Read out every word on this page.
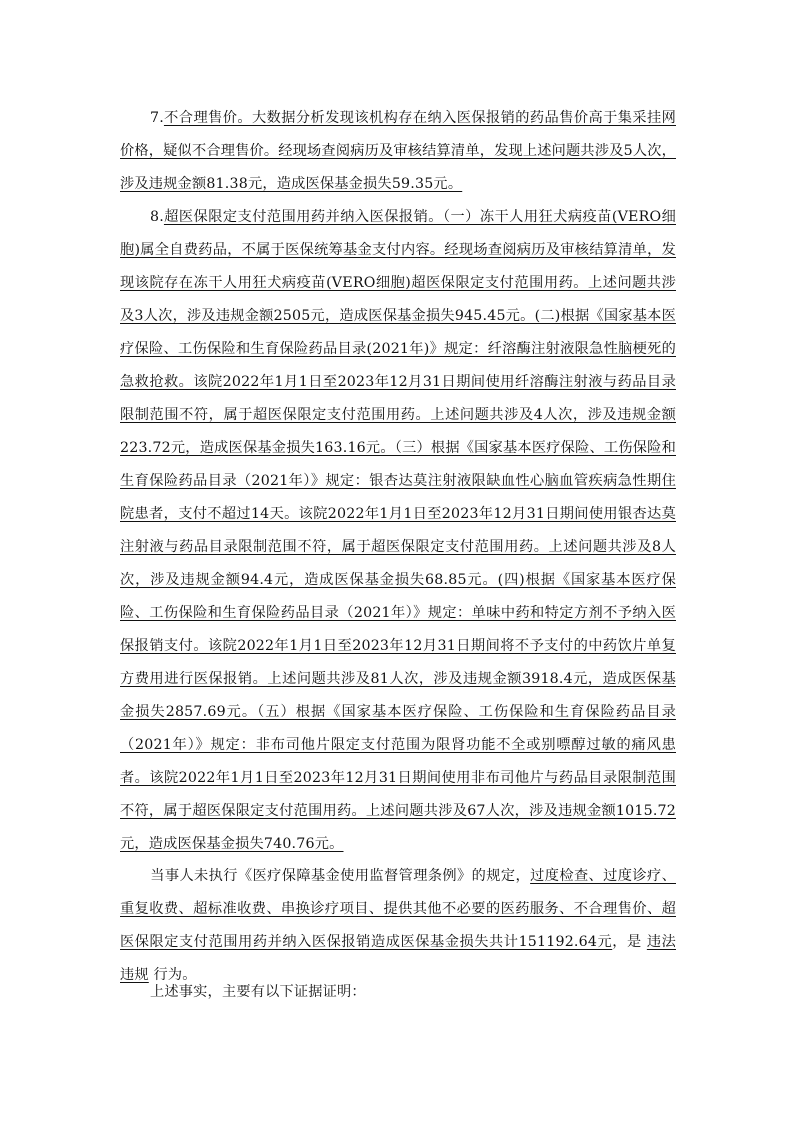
7.不合理售价。大数据分析发现该机构存在纳入医保报销的药品售价高于集采挂网价格，疑似不合理售价。经现场查阅病历及审核结算清单，发现上述问题共涉及5人次，涉及违规金额81.38元，造成医保基金损失59.35元。

8.超医保限定支付范围用药并纳入医保报销。（一）冻干人用狂犬病疫苗(VERO细胞)属全自费药品，不属于医保统筹基金支付内容。经现场查阅病历及审核结算清单，发现该院存在冻干人用狂犬病疫苗(VERO细胞)超医保限定支付范围用药。上述问题共涉及3人次，涉及违规金额2505元，造成医保基金损失945.45元。(二)根据《国家基本医疗保险、工伤保险和生育保险药品目录(2021年)》规定：纤溶酶注射液限急性脑梗死的急救抢救。该院2022年1月1日至2023年12月31日期间使用纤溶酶注射液与药品目录限制范围不符，属于超医保限定支付范围用药。上述问题共涉及4人次，涉及违规金额223.72元，造成医保基金损失163.16元。（三）根据《国家基本医疗保险、工伤保险和生育保险药品目录（2021年）》规定：银杏达莫注射液限缺血性心脑血管疾病急性期住院患者，支付不超过14天。该院2022年1月1日至2023年12月31日期间使用银杏达莫注射液与药品目录限制范围不符，属于超医保限定支付范围用药。上述问题共涉及8人次，涉及违规金额94.4元，造成医保基金损失68.85元。(四)根据《国家基本医疗保险、工伤保险和生育保险药品目录（2021年）》规定：单味中药和特定方剂不予纳入医保报销支付。该院2022年1月1日至2023年12月31日期间将不予支付的中药饮片单复方费用进行医保报销。上述问题共涉及81人次，涉及违规金额3918.4元，造成医保基金损失2857.69元。（五）根据《国家基本医疗保险、工伤保险和生育保险药品目录（2021年）》规定：非布司他片限定支付范围为限肾功能不全或别嘌醇过敏的痛风患者。该院2022年1月1日至2023年12月31日期间使用非布司他片与药品目录限制范围不符，属于超医保限定支付范围用药。上述问题共涉及67人次，涉及违规金额1015.72元，造成医保基金损失740.76元。

当事人未执行《医疗保障基金使用监督管理条例》的规定，过度检查、过度诊疗、重复收费、超标准收费、串换诊疗项目、提供其他不必要的医药服务、不合理售价、超医保限定支付范围用药并纳入医保报销造成医保基金损失共计151192.64元，是 违法违规 行为。

上述事实，主要有以下证据证明：
